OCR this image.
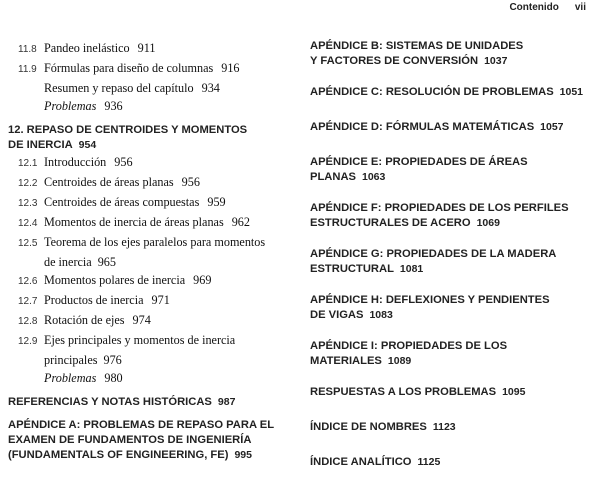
Contenido vii
11.8 Pandeo inelástico 911
11.9 Fórmulas para diseño de columnas 916
Resumen y repaso del capítulo 934
Problemas 936
12. REPASO DE CENTROIDES Y MOMENTOS
DE INERCIA 954
12.1 Introducción 956
12.2 Centroides de áreas planas 956
12.3 Centroides de áreas compuestas 959
12.4 Momentos de inercia de áreas planas 962
12.5 Teorema de los ejes paralelos para momentos
de inercia 965
12.6 Momentos polares de inercia 969
12.7 Productos de inercia 971
12.8 Rotación de ejes 974
12.9 Ejes principales y momentos de inercia
principales 976
Problemas 980
REFERENCIAS Y NOTAS HISTÓRICAS 987
APÉNDICE A: PROBLEMAS DE REPASO PARA EL
EXAMEN DE FUNDAMENTOS DE INGENIERÍA
(FUNDAMENTALS OF ENGINEERING, FE) 995
APÉNDICE B: SISTEMAS DE UNIDADES
Y FACTORES DE CONVERSIÓN 1037
APÉNDICE C: RESOLUCIÓN DE PROBLEMAS 1051
APÉNDICE D: FÓRMULAS MATEMÁTICAS 1057
APÉNDICE E: PROPIEDADES DE ÁREAS
PLANAS 1063
APÉNDICE F: PROPIEDADES DE LOS PERFILES
ESTRUCTURALES DE ACERO 1069
APÉNDICE G: PROPIEDADES DE LA MADERA
ESTRUCTURAL 1081
APÉNDICE H: DEFLEXIONES Y PENDIENTES
DE VIGAS 1083
APÉNDICE I: PROPIEDADES DE LOS
MATERIALES 1089
RESPUESTAS A LOS PROBLEMAS 1095
ÍNDICE DE NOMBRES 1123
ÍNDICE ANALÍTICO 1125
